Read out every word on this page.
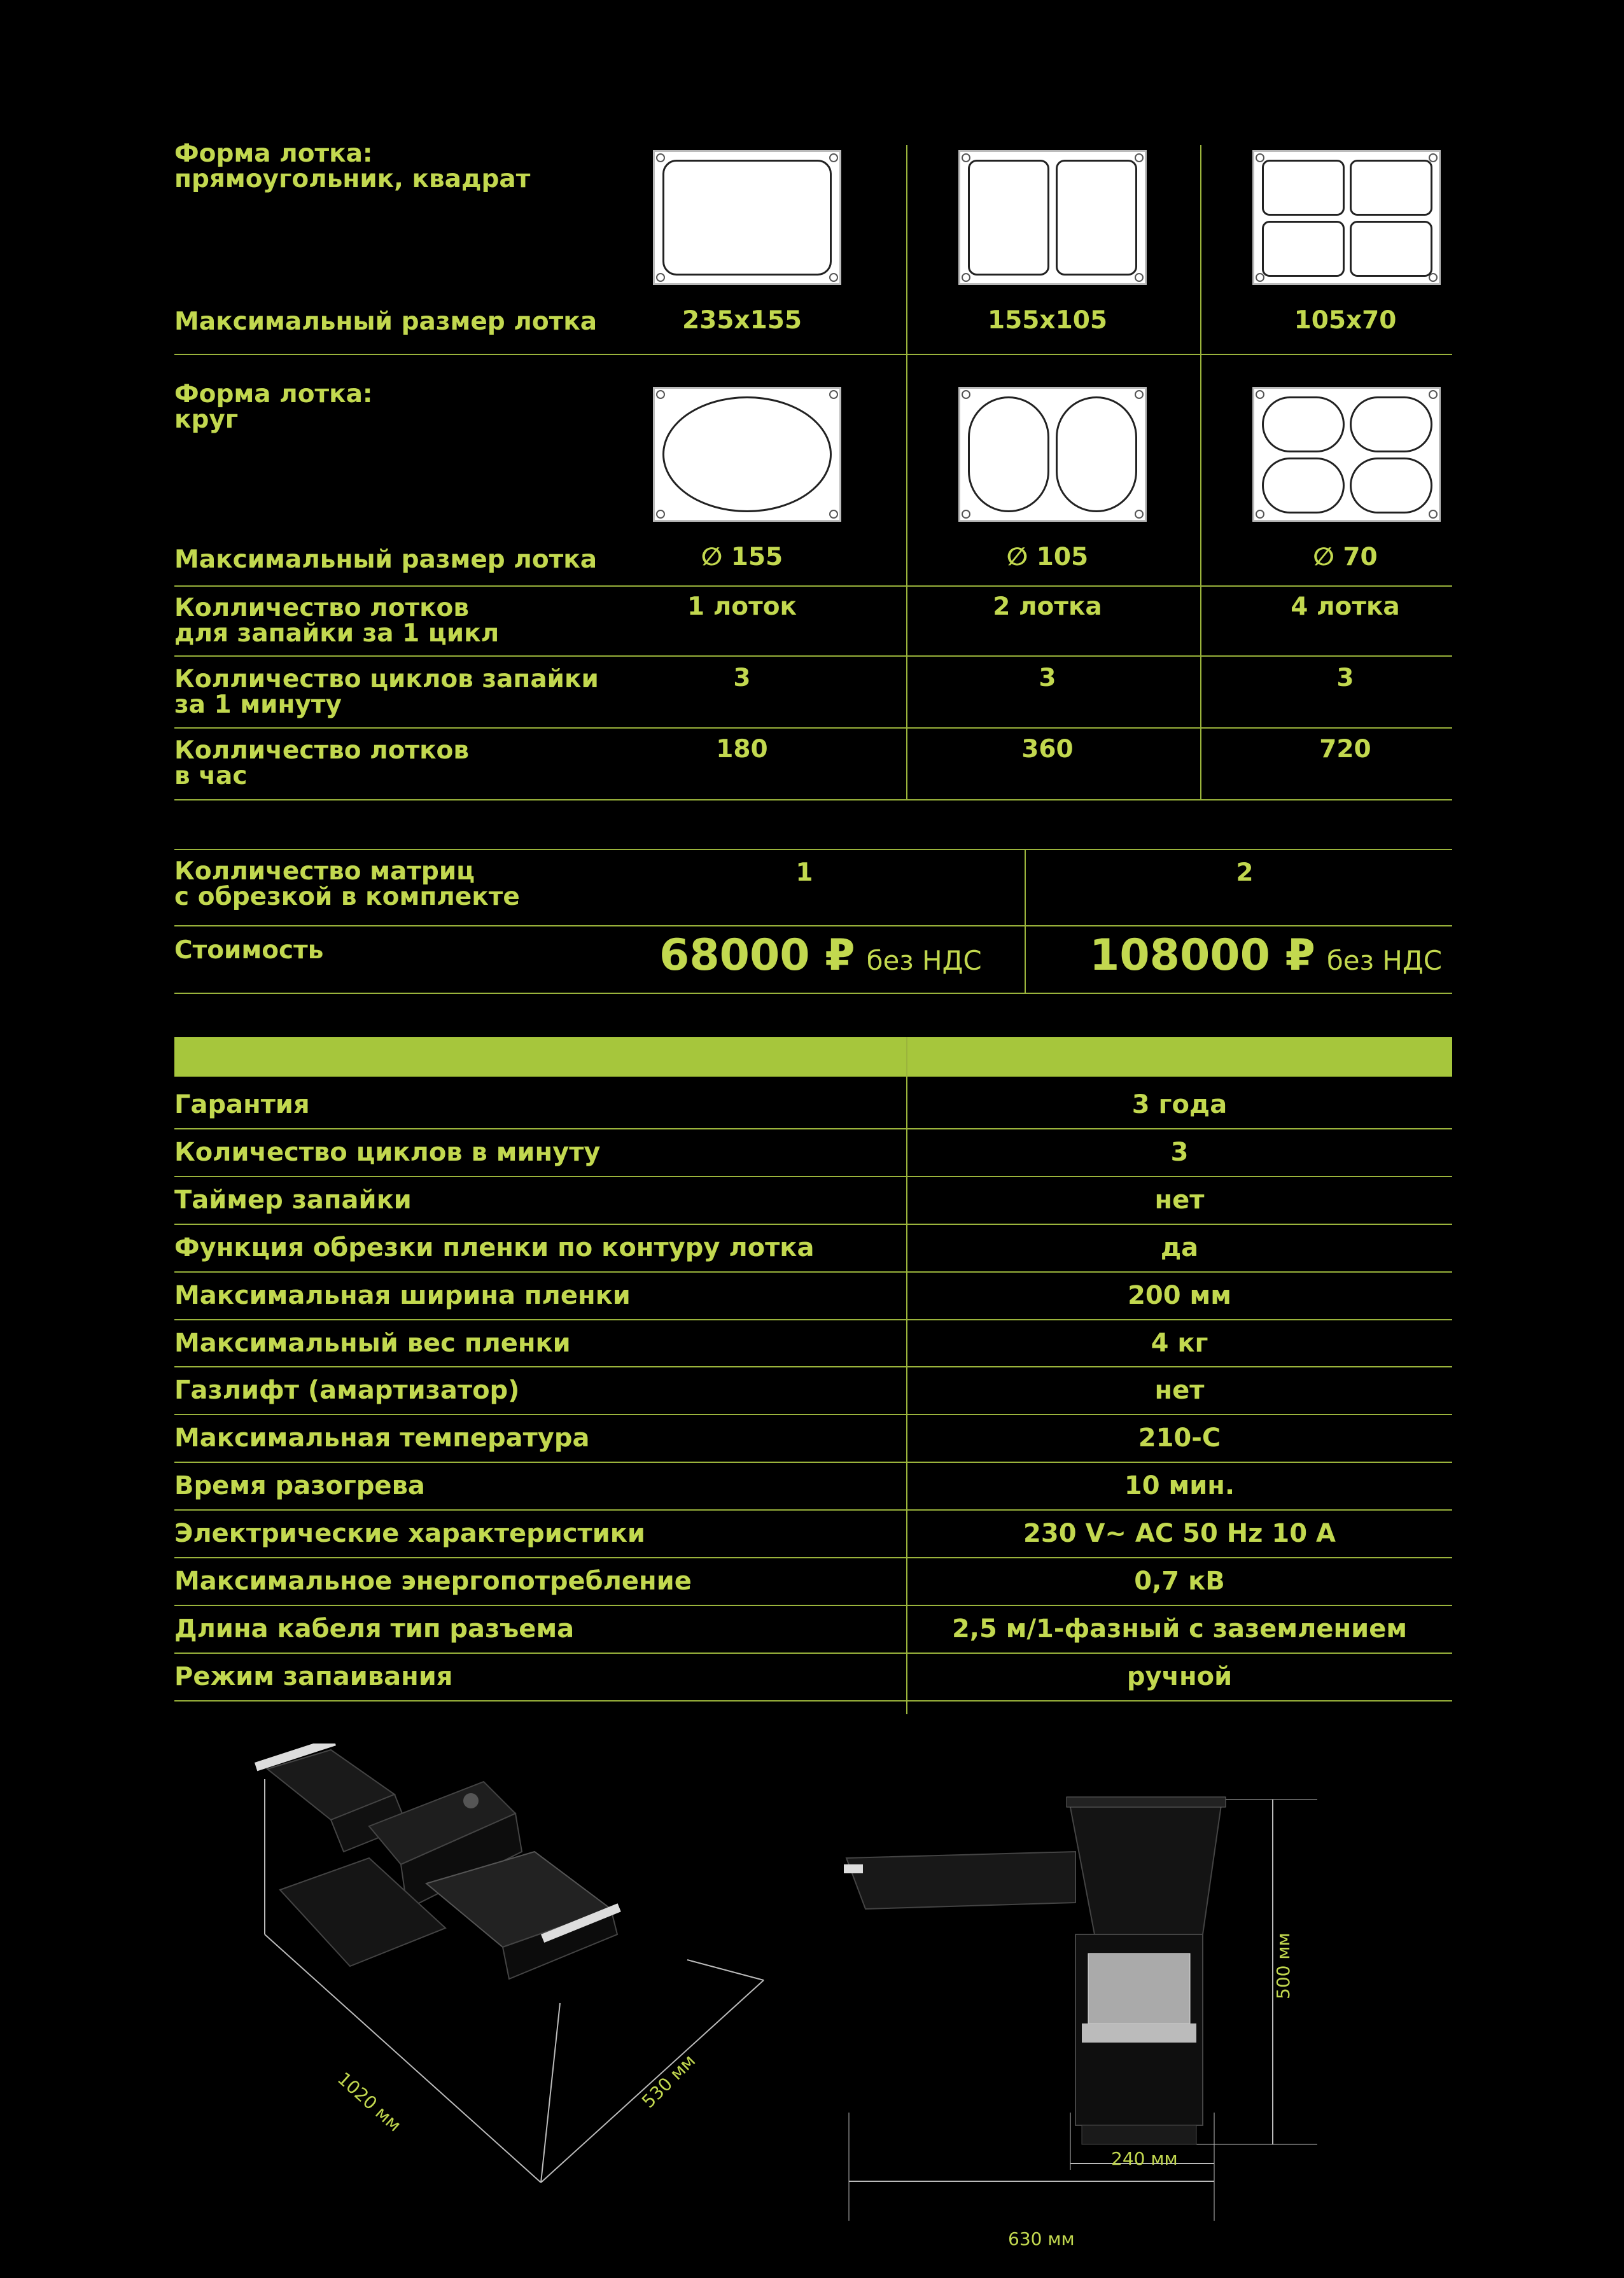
Форма лотка:
прямоугольник, квадрат
Максимальный размер лотка	235х155	155х105	105х70
Форма лотка:
круг
Максимальный размер лотка	∅ 155	∅ 105	∅ 70
Колличество лотков
для запайки за 1 цикл
1 лоток	2 лотка	4 лотка
Колличество циклов запайки
за 1 минуту
3	3	3
Колличество лотков
в час
180	360	720
Колличество матриц
с обрезкой в комплекте
1	2
Стоимость	68000 ₽ без НДС 108000 ₽ без НДС
Гарантия	3 года
Количество циклов в минуту	3
Таймер запайки	нет
Функция обрезки пленки по контуру лотка	да
Максимальная ширина пленки	200 мм
Максимальный вес пленки	4 кг
Газлифт (амартизатор)	нет
Максимальная температура	210-С
Время разогрева	10 мин.
Электрические характеристики	230 V~ AC 50 Hz 10 A
Максимальное энергопотребление	0,7 кВ
Длина кабеля тип разъема	2,5 м/1-фазный с заземлением
Режим запаивания	ручной
1020 мм	530 мм
500 мм
240 мм
630 мм
